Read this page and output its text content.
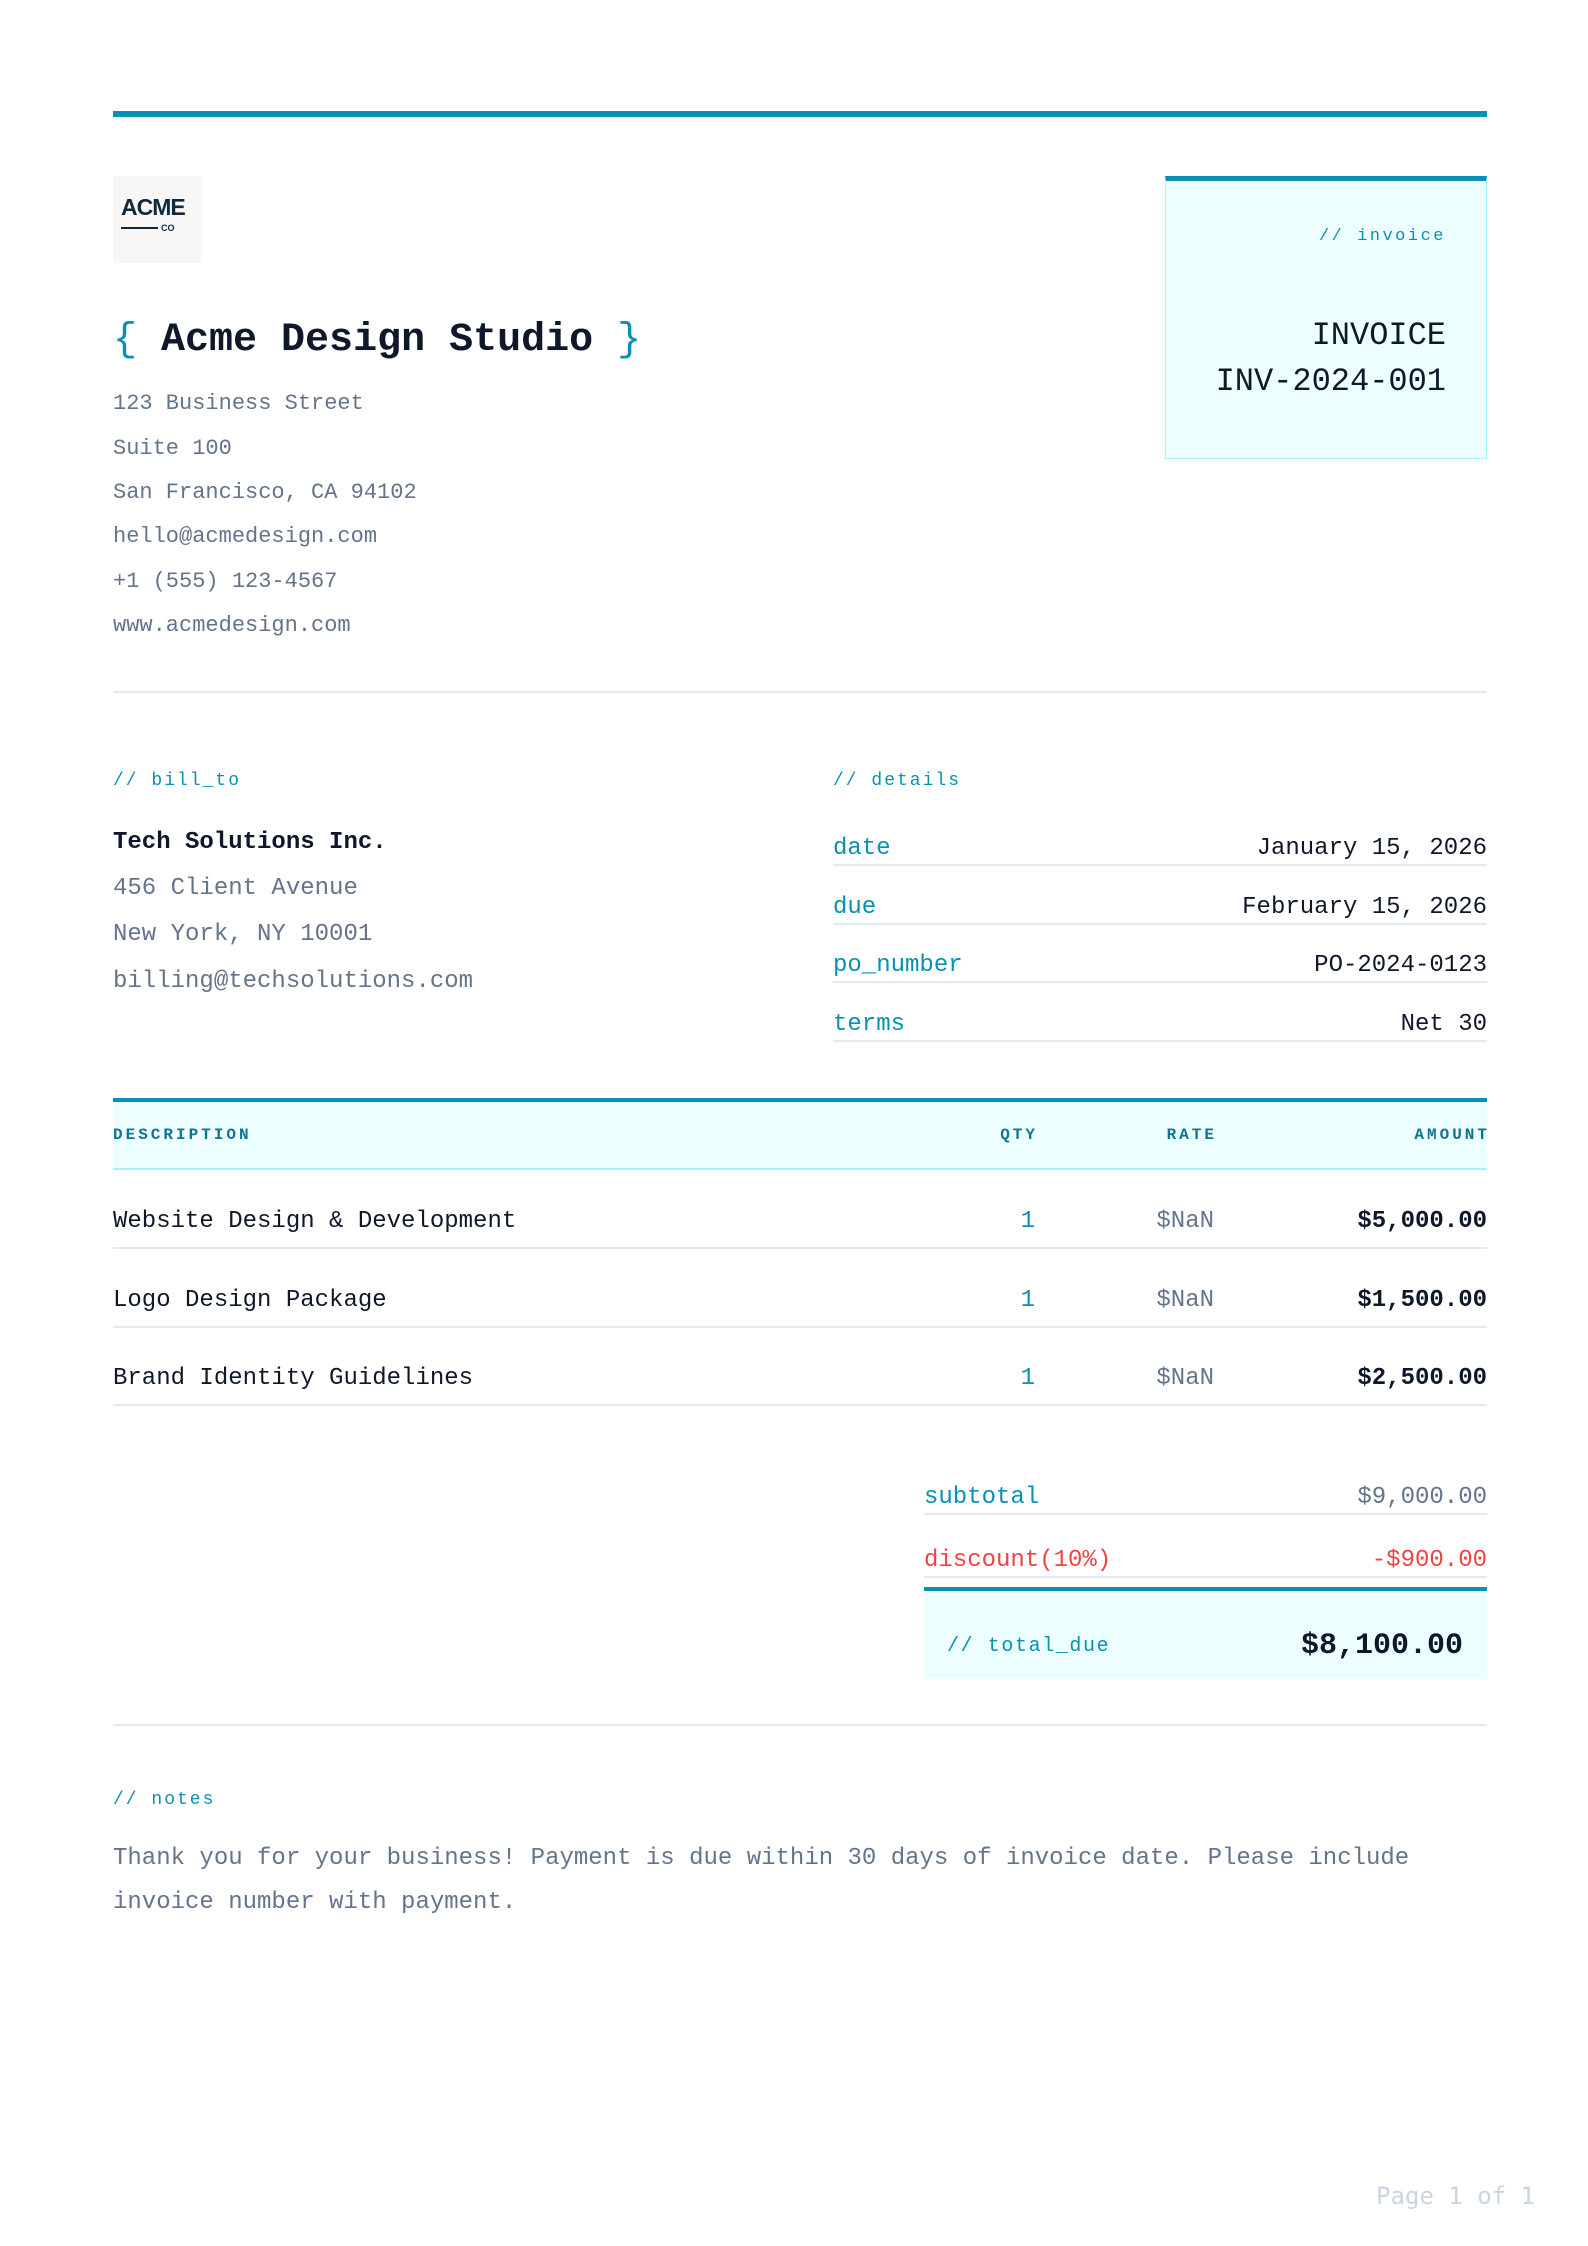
ACME
CO
{ Acme Design Studio }
123 Business Street
Suite 100
San Francisco, CA 94102
hello@acmedesign.com
+1 (555) 123-4567
www.acmedesign.com
// invoice
INVOICE
INV-2024-001
// bill_to
Tech Solutions Inc.
456 Client Avenue
New York, NY 10001
billing@techsolutions.com
// details
date	January 15, 2026
due	February 15, 2026
po_number	PO-2024-0123
terms	Net 30
DESCRIPTION	QTY	RATE	AMOUNT
Website Design & Development	1	$NaN	$5,000.00
Logo Design Package	1	$NaN	$1,500.00
Brand Identity Guidelines	1	$NaN	$2,500.00
subtotal	$9,000.00
discount(10%)	-$900.00
// total_due	$8,100.00
// notes
Thank you for your business! Payment is due within 30 days of invoice date. Please include
invoice number with payment.
Page 1 of 1
